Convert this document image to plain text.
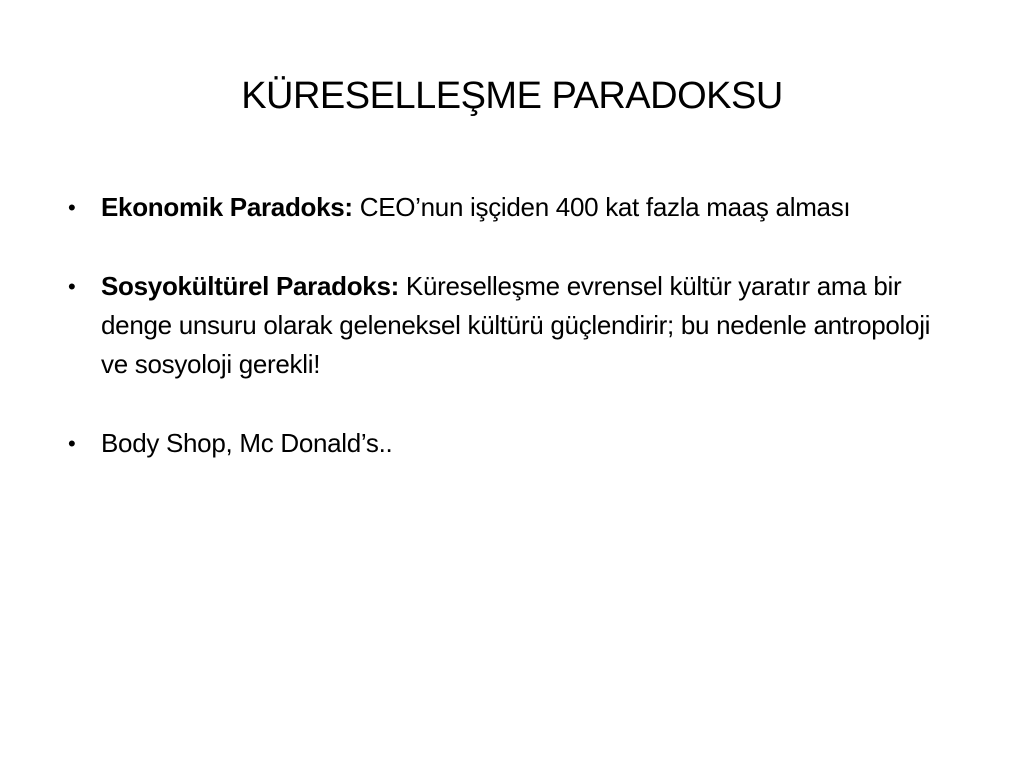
KÜRESELLEŞME PARADOKSU
• Ekonomik Paradoks: CEO’nun işçiden 400 kat fazla maaş alması
• Sosyokültürel Paradoks: Küreselleşme evrensel kültür yaratır ama bir denge unsuru olarak geleneksel kültürü güçlendirir; bu nedenle antropoloji ve sosyoloji gerekli!
• Body Shop, Mc Donald’s..
